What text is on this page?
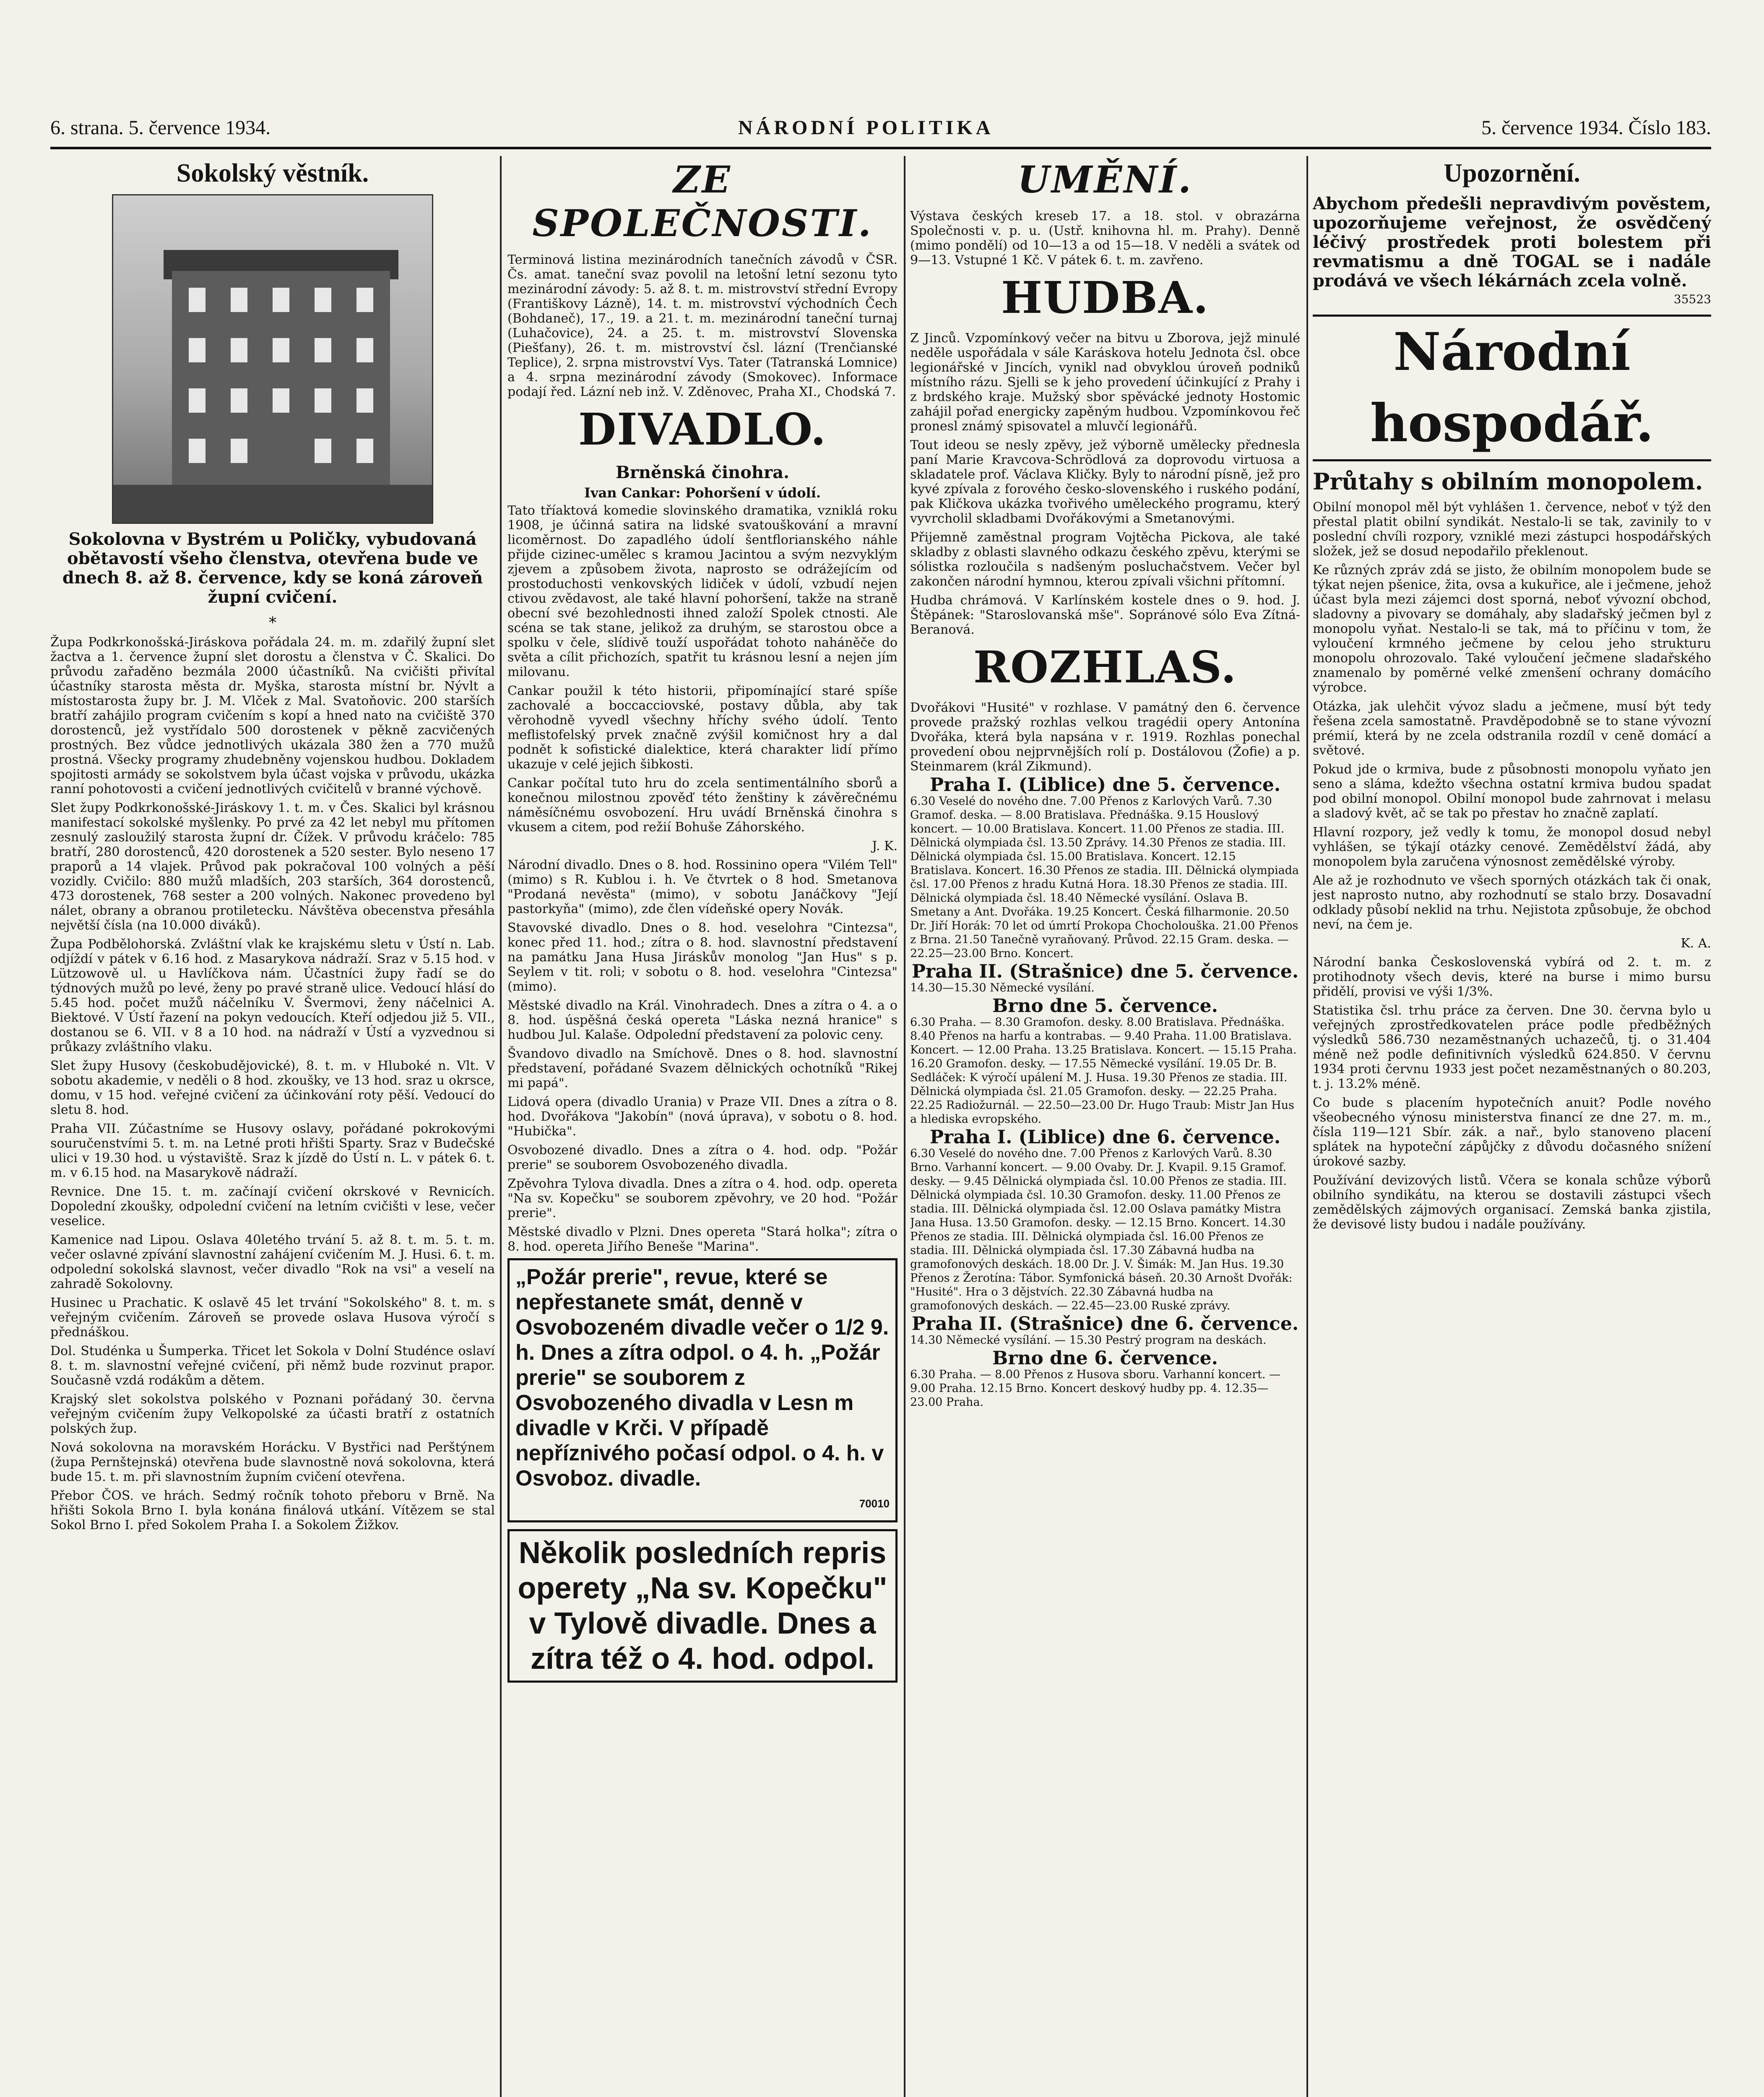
6. strana. 5. července 1934.	NÁRODNÍ POLITIKA	5. července 1934. Číslo 183.
Sokolský věstník.
Sokolovna v Bystrém u Poličky, vybudovaná obětavostí všeho členstva, otevřena bude ve dnech 8. až 8. července, kdy se koná zároveň župní cvičení.
*

Župa Podkrkonošská-Jiráskova pořádala 24. m. m. zdařilý župní slet žactva a 1. července župní slet dorostu a členstva v Č. Skalici. Do průvodu zařaděno bezmála 2000 účastníků. Na cvičišti přivítal účastníky starosta města dr. Myška, starosta místní br. Nývlt a místostarosta župy br. J. M. Vlček z Mal. Svatoňovic. 200 starších bratří zahájilo program cvičením s kopí a hned nato na cvičiště 370 dorostenců, jež vystřídalo 500 dorostenek v pěkně zacvičených prostných. Bez vůdce jednotlivých ukázala 380 žen a 770 mužů prostná. Všecky programy zhudebněny vojenskou hudbou. Dokladem spojitosti armády se sokolstvem byla účast vojska v průvodu, ukázka ranní pohotovosti a cvičení jednotlivých cvičitelů v branné výchově.

Slet župy Podkrkonošské-Jiráskovy 1. t. m. v Čes. Skalici byl krásnou manifestací sokolské myšlenky. Po prvé za 42 let nebyl mu přítomen zesnulý zasloužilý starosta župní dr. Čížek. V průvodu kráčelo: 785 bratří, 280 dorostenců, 420 dorostenek a 520 sester. Bylo neseno 17 praporů a 14 vlajek. Průvod pak pokračoval 100 volných a pěší vozidly. Cvičilo: 880 mužů mladších, 203 starších, 364 dorostenců, 473 dorostenek, 768 sester a 200 volných. Nakonec provedeno byl nálet, obrany a obranou protiletecku. Návštěva obecenstva přesáhla největší čísla (na 10.000 diváků).

Župa Podbělohorská. Zvláštní vlak ke krajskému sletu v Ústí n. Lab. odjíždí v pátek v 6.16 hod. z Masarykova nádraží. Sraz v 5.15 hod. v Lützowově ul. u Havlíčkova nám. Účastníci župy řadí se do týdnových mužů po levé, ženy po pravé straně ulice. Vedoucí hlásí do 5.45 hod. počet mužů náčelníku V. Švermovi, ženy náčelnici A. Biektové. V Ústí řazení na pokyn vedoucích. Kteří odjedou již 5. VII., dostanou se 6. VII. v 8 a 10 hod. na nádraží v Ústí a vyzvednou si průkazy zvláštního vlaku.

Slet župy Husovy (českobudějovické), 8. t. m. v Hluboké n. Vlt. V sobotu akademie, v neděli o 8 hod. zkoušky, ve 13 hod. sraz u okrsce, domu, v 15 hod. veřejné cvičení za účinkování roty pěší. Vedoucí do sletu 8. hod.

Praha VII. Zúčastníme se Husovy oslavy, pořádané pokrokovými souručenstvími 5. t. m. na Letné proti hřišti Sparty. Sraz v Budečské ulici v 19.30 hod. u výstaviště. Sraz k jízdě do Ústí n. L. v pátek 6. t. m. v 6.15 hod. na Masarykově nádraží.

Revnice. Dne 15. t. m. začínají cvičení okrskové v Revnicích. Dopolední zkoušky, odpolední cvičení na letním cvičišti v lese, večer veselice.

Kamenice nad Lipou. Oslava 40letého trvání 5. až 8. t. m. 5. t. m. večer oslavné zpívání slavnostní zahájení cvičením M. J. Husi. 6. t. m. odpolední sokolská slavnost, večer divadlo "Rok na vsi" a veselí na zahradě Sokolovny.

Husinec u Prachatic. K oslavě 45 let trvání "Sokolského" 8. t. m. s veřejným cvičením. Zároveň se provede oslava Husova výročí s přednáškou.

Dol. Studénka u Šumperka. Třicet let Sokola v Dolní Studénce oslaví 8. t. m. slavnostní veřejné cvičení, při němž bude rozvinut prapor. Současně vzdá rodákům a dětem.

Krajský slet sokolstva polského v Poznani pořádaný 30. června veřejným cvičením župy Velkopolské za účasti bratří z ostatních polských žup.

Nová sokolovna na moravském Horácku. V Bystřici nad Perštýnem (župa Pernštejnská) otevřena bude slavnostně nová sokolovna, která bude 15. t. m. při slavnostním župním cvičení otevřena.

Přebor ČOS. ve hrách. Sedmý ročník tohoto přeboru v Brně. Na hřišti Sokola Brno I. byla konána finálová utkání. Vítězem se stal Sokol Brno I. před Sokolem Praha I. a Sokolem Žižkov.

ZE SPOLEČNOSTI.

Terminová listina mezinárodních tanečních závodů v ČSR. Čs. amat. taneční svaz povolil na letošní letní sezonu tyto mezinárodní závody: 5. až 8. t. m. mistrovství střední Evropy (Františkovy Lázně), 14. t. m. mistrovství východních Čech (Bohdaneč), 17., 19. a 21. t. m. mezinárodní taneční turnaj (Luhačovice), 24. a 25. t. m. mistrovství Slovenska (Piešťany), 26. t. m. mistrovství čsl. lázní (Trenčianské Teplice), 2. srpna mistrovství Vys. Tater (Tatranská Lomnice) a 4. srpna mezinárodní závody (Smokovec). Informace podají řed. Lázní neb inž. V. Zděnovec, Praha XI., Chodská 7.

DIVADLO.
Brněnská činohra.
Ivan Cankar: Pohoršení v údolí.

Tato tříaktová komedie slovinského dramatika, vzniklá roku 1908, je účinná satira na lidské svatouškování a mravní licoměrnost. Do zapadlého údolí šentflorianského náhle přijde cizinec-umělec s kramou Jacintou a svým nezvyklým zjevem a způsobem života, naprosto se odrážejícím od prostoduchosti venkovských lidiček v údolí, vzbudí nejen ctivou zvědavost, ale také hlavní pohoršení, takže na straně obecní své bezohlednosti ihned založí Spolek ctnosti. Ale scéna se tak stane, jelikož za druhým, se starostou obce a spolku v čele, slídivě touží uspořádat tohoto naháněče do světa a cílit přichozích, spatřit tu krásnou lesní a nejen jím milovanu.

Cankar použil k této historii, připomínající staré spíše zachovalé a boccacciovské, postavy důbla, aby tak věrohodně vyvedl všechny hříchy svého údolí. Tento meflistofelský prvek značně zvýšil komičnost hry a dal podnět k sofistické dialektice, která charakter lidí přímo ukazuje v celé jejich šibkosti.

Cankar počítal tuto hru do zcela sentimentálního sborů a konečnou milostnou zpověď této ženštiny k závěrečnému náměsíčnému osvobození. Hru uvádí Brněnská činohra s vkusem a citem, pod režií Bohuše Záhorského.

J. K.

Národní divadlo. Dnes o 8. hod. Rossinino opera "Vilém Tell" (mimo) s R. Kublou i. h. Ve čtvrtek o 8 hod. Smetanova "Prodaná nevěsta" (mimo), v sobotu Janáčkovy "Její pastorkyňa" (mimo), zde člen vídeňské opery Novák.

Stavovské divadlo. Dnes o 8. hod. veselohra "Cintezsa", konec před 11. hod.; zítra o 8. hod. slavnostní představení na památku Jana Husa Jiráskův monolog "Jan Hus" s p. Seylem v tit. roli; v sobotu o 8. hod. veselohra "Cintezsa" (mimo).

Městské divadlo na Král. Vinohradech. Dnes a zítra o 4. a o 8. hod. úspěšná česká opereta "Láska nezná hranice" s hudbou Jul. Kalaše. Odpolední představení za polovic ceny.

Švandovo divadlo na Smíchově. Dnes o 8. hod. slavnostní představení, pořádané Svazem dělnických ochotníků "Rikej mi papá".

Lidová opera (divadlo Urania) v Praze VII. Dnes a zítra o 8. hod. Dvořákova "Jakobín" (nová úprava), v sobotu o 8. hod. "Hubička".

Osvobozené divadlo. Dnes a zítra o 4. hod. odp. "Požár prerie" se souborem Osvobozeného divadla.

Zpěvohra Tylova divadla. Dnes a zítra o 4. hod. odp. opereta "Na sv. Kopečku" se souborem zpěvohry, ve 20 hod. "Požár prerie".

Městské divadlo v Plzni. Dnes opereta "Stará holka"; zítra o 8. hod. opereta Jiřího Beneše "Marina".

„Požár prerie", revue, které se nepřestanete smát, denně v Osvobozeném divadle večer o 1/2 9. h. Dnes a zítra odpol. o 4. h. „Požár prerie" se souborem z Osvobozeného divadla v Lesn m divadle v Krči. V případě nepříznivého počasí odpol. o 4. h. v Osvoboz. divadle.
70010
Několik posledních repris operety „Na sv. Kopečku" v Tylově divadle. Dnes a zítra též o 4. hod. odpol.
UMĚNÍ.

Výstava českých kreseb 17. a 18. stol. v obrazárna Společnosti v. p. u. (Ustř. knihovna hl. m. Prahy). Denně (mimo pondělí) od 10—13 a od 15—18. V neděli a svátek od 9—13. Vstupné 1 Kč. V pátek 6. t. m. zavřeno.

HUDBA.

Z Jinců. Vzpomínkový večer na bitvu u Zborova, jejž minulé neděle uspořádala v sále Karáskova hotelu Jednota čsl. obce legionářské v Jincích, vynikl nad obvyklou úroveň podniků místního rázu. Sjelli se k jeho provedení účinkující z Prahy i z brdského kraje. Mužský sbor spěvácké jednoty Hostomic zahájil pořad energicky zapěným hudbou. Vzpomínkovou řeč pronesl známý spisovatel a mluvčí legionářů.

Tout ideou se nesly zpěvy, jež výborně umělecky přednesla paní Marie Kravcova-Schrödlová za doprovodu virtuosa a skladatele prof. Václava Kličky. Byly to národní písně, jež pro kyvé zpívala z forového česko-slovenského i ruského podání, pak Kličkova ukázka tvořivého uměleckého programu, který vyvrcholil skladbami Dvořákovými a Smetanovými.

Přijemně zaměstnal program Vojtěcha Pickova, ale také skladby z oblasti slavného odkazu českého zpěvu, kterými se sólistka rozloučila s nadšeným posluchačstvem. Večer byl zakončen národní hymnou, kterou zpívali všichni přítomní.

Hudba chrámová. V Karlínském kostele dnes o 9. hod. J. Štěpánek: "Staroslovanská mše". Sopránové sólo Eva Zítná-Beranová.

ROZHLAS.

Dvořákovi "Husité" v rozhlase. V památný den 6. července provede pražský rozhlas velkou tragédii opery Antonína Dvořáka, která byla napsána v r. 1919. Rozhlas ponechal provedení obou nejprvnějších rolí p. Dostálovou (Žofie) a p. Steinmarem (král Zikmund).

Praha I. (Liblice) dne 5. července.
6.30 Veselé do nového dne. 7.00 Přenos z Karlových Varů. 7.30 Gramof. deska. — 8.00 Bratislava. Přednáška. 9.15 Houslový koncert. — 10.00 Bratislava. Koncert. 11.00 Přenos ze stadia. III. Dělnická olympiada čsl. 13.50 Zprávy. 14.30 Přenos ze stadia. III. Dělnická olympiada čsl. 15.00 Bratislava. Koncert. 12.15 Bratislava. Koncert. 16.30 Přenos ze stadia. III. Dělnická olympiada čsl. 17.00 Přenos z hradu Kutná Hora. 18.30 Přenos ze stadia. III. Dělnická olympiada čsl. 18.40 Německé vysílání. Oslava B. Smetany a Ant. Dvořáka. 19.25 Koncert. Česká filharmonie. 20.50 Dr. Jiří Horák: 70 let od úmrtí Prokopa Chocholouška. 21.00 Přenos z Brna. 21.50 Tanečně vyraňovaný. Průvod. 22.15 Gram. deska. — 22.25—23.00 Brno. Koncert.
Praha II. (Strašnice) dne 5. července.
14.30—15.30 Německé vysílání.
Brno dne 5. července.
6.30 Praha. — 8.30 Gramofon. desky. 8.00 Bratislava. Přednáška. 8.40 Přenos na harfu a kontrabas. — 9.40 Praha. 11.00 Bratislava. Koncert. — 12.00 Praha. 13.25 Bratislava. Koncert. — 15.15 Praha. 16.20 Gramofon. desky. — 17.55 Německé vysílání. 19.05 Dr. B. Sedláček: K výročí upálení M. J. Husa. 19.30 Přenos ze stadia. III. Dělnická olympiada čsl. 21.05 Gramofon. desky. — 22.25 Praha. 22.25 Radiožurnál. — 22.50—23.00 Dr. Hugo Traub: Mistr Jan Hus a hlediska evropského.
Praha I. (Liblice) dne 6. července.
6.30 Veselé do nového dne. 7.00 Přenos z Karlových Varů. 8.30 Brno. Varhanní koncert. — 9.00 Ovaby. Dr. J. Kvapil. 9.15 Gramof. desky. — 9.45 Dělnická olympiada čsl. 10.00 Přenos ze stadia. III. Dělnická olympiada čsl. 10.30 Gramofon. desky. 11.00 Přenos ze stadia. III. Dělnická olympiada čsl. 12.00 Oslava památky Mistra Jana Husa. 13.50 Gramofon. desky. — 12.15 Brno. Koncert. 14.30 Přenos ze stadia. III. Dělnická olympiada čsl. 16.00 Přenos ze stadia. III. Dělnická olympiada čsl. 17.30 Zábavná hudba na gramofonových deskách. 18.00 Dr. J. V. Šimák: M. Jan Hus. 19.30 Přenos z Žerotína: Tábor. Symfonická báseň. 20.30 Arnošt Dvořák: "Husité". Hra o 3 dějstvích. 22.30 Zábavná hudba na gramofonových deskách. — 22.45—23.00 Ruské zprávy.
Praha II. (Strašnice) dne 6. července.
14.30 Německé vysílání. — 15.30 Pestrý program na deskách.
Brno dne 6. července.
6.30 Praha. — 8.00 Přenos z Husova sboru. Varhanní koncert. — 9.00 Praha. 12.15 Brno. Koncert deskový hudby pp. 4. 12.35—23.00 Praha.
Upozornění.
Abychom předešli nepravdivým pověstem, upozorňujeme veřejnost, že osvědčený léčivý prostředek proti bolestem při revmatismu a dně TOGAL se i nadále prodává ve všech lékárnách zcela volně.
35523
Národní hospodář.
Průtahy s obilním monopolem.

Obilní monopol měl být vyhlášen 1. července, neboť v týž den přestal platit obilní syndikát. Nestalo-li se tak, zavinily to v poslední chvíli rozpory, vzniklé mezi zástupci hospodářských složek, jež se dosud nepodařilo překlenout.

Ke různých zpráv zdá se jisto, že obilním monopolem bude se týkat nejen pšenice, žita, ovsa a kukuřice, ale i ječmene, jehož účast byla mezi zájemci dost sporná, neboť vývozní obchod, sladovny a pivovary se domáhaly, aby sladařský ječmen byl z monopolu vyňat. Nestalo-li se tak, má to příčinu v tom, že vyloučení krmného ječmene by celou jeho strukturu monopolu ohrozovalo. Také vyloučení ječmene sladařského znamenalo by poměrné velké zmenšení ochrany domácího výrobce.

Otázka, jak ulehčit vývoz sladu a ječmene, musí být tedy řešena zcela samostatně. Pravděpodobně se to stane vývozní prémií, která by ne zcela odstranila rozdíl v ceně domácí a světové.

Pokud jde o krmiva, bude z působnosti monopolu vyňato jen seno a sláma, kdežto všechna ostatní krmiva budou spadat pod obilní monopol. Obilní monopol bude zahrnovat i melasu a sladový květ, ač se tak po přestav ho značně zaplatí.

Hlavní rozpory, jež vedly k tomu, že monopol dosud nebyl vyhlášen, se týkají otázky cenové. Zemědělství žádá, aby monopolem byla zaručena výnosnost zemědělské výroby.

Ale až je rozhodnuto ve všech sporných otázkách tak či onak, jest naprosto nutno, aby rozhodnutí se stalo brzy. Dosavadní odklady působí neklid na trhu. Nejistota způsobuje, že obchod neví, na čem je.

K. A.

Národní banka Československá vybírá od 2. t. m. z protihodnoty všech devis, které na burse i mimo bursu přidělí, provisi ve výši 1/3%.

Statistika čsl. trhu práce za červen. Dne 30. června bylo u veřejných zprostředkovatelen práce podle předběžných výsledků 586.730 nezaměstnaných uchazečů, tj. o 31.404 méně než podle definitivních výsledků 624.850. V červnu 1934 proti červnu 1933 jest počet nezaměstnaných o 80.203, t. j. 13.2% méně.

Co bude s placením hypotečních anuit? Podle nového všeobecného výnosu ministerstva financí ze dne 27. m. m., čísla 119—121 Sbír. zák. a nař., bylo stanoveno placení splátek na hypoteční zápůjčky z důvodu dočasného snížení úrokové sazby.

Používání devizových listů. Včera se konala schůze výborů obilního syndikátu, na kterou se dostavili zástupci všech zemědělských zájmových organisací. Zemská banka zjistila, že devisové listy budou i nadále používány.
